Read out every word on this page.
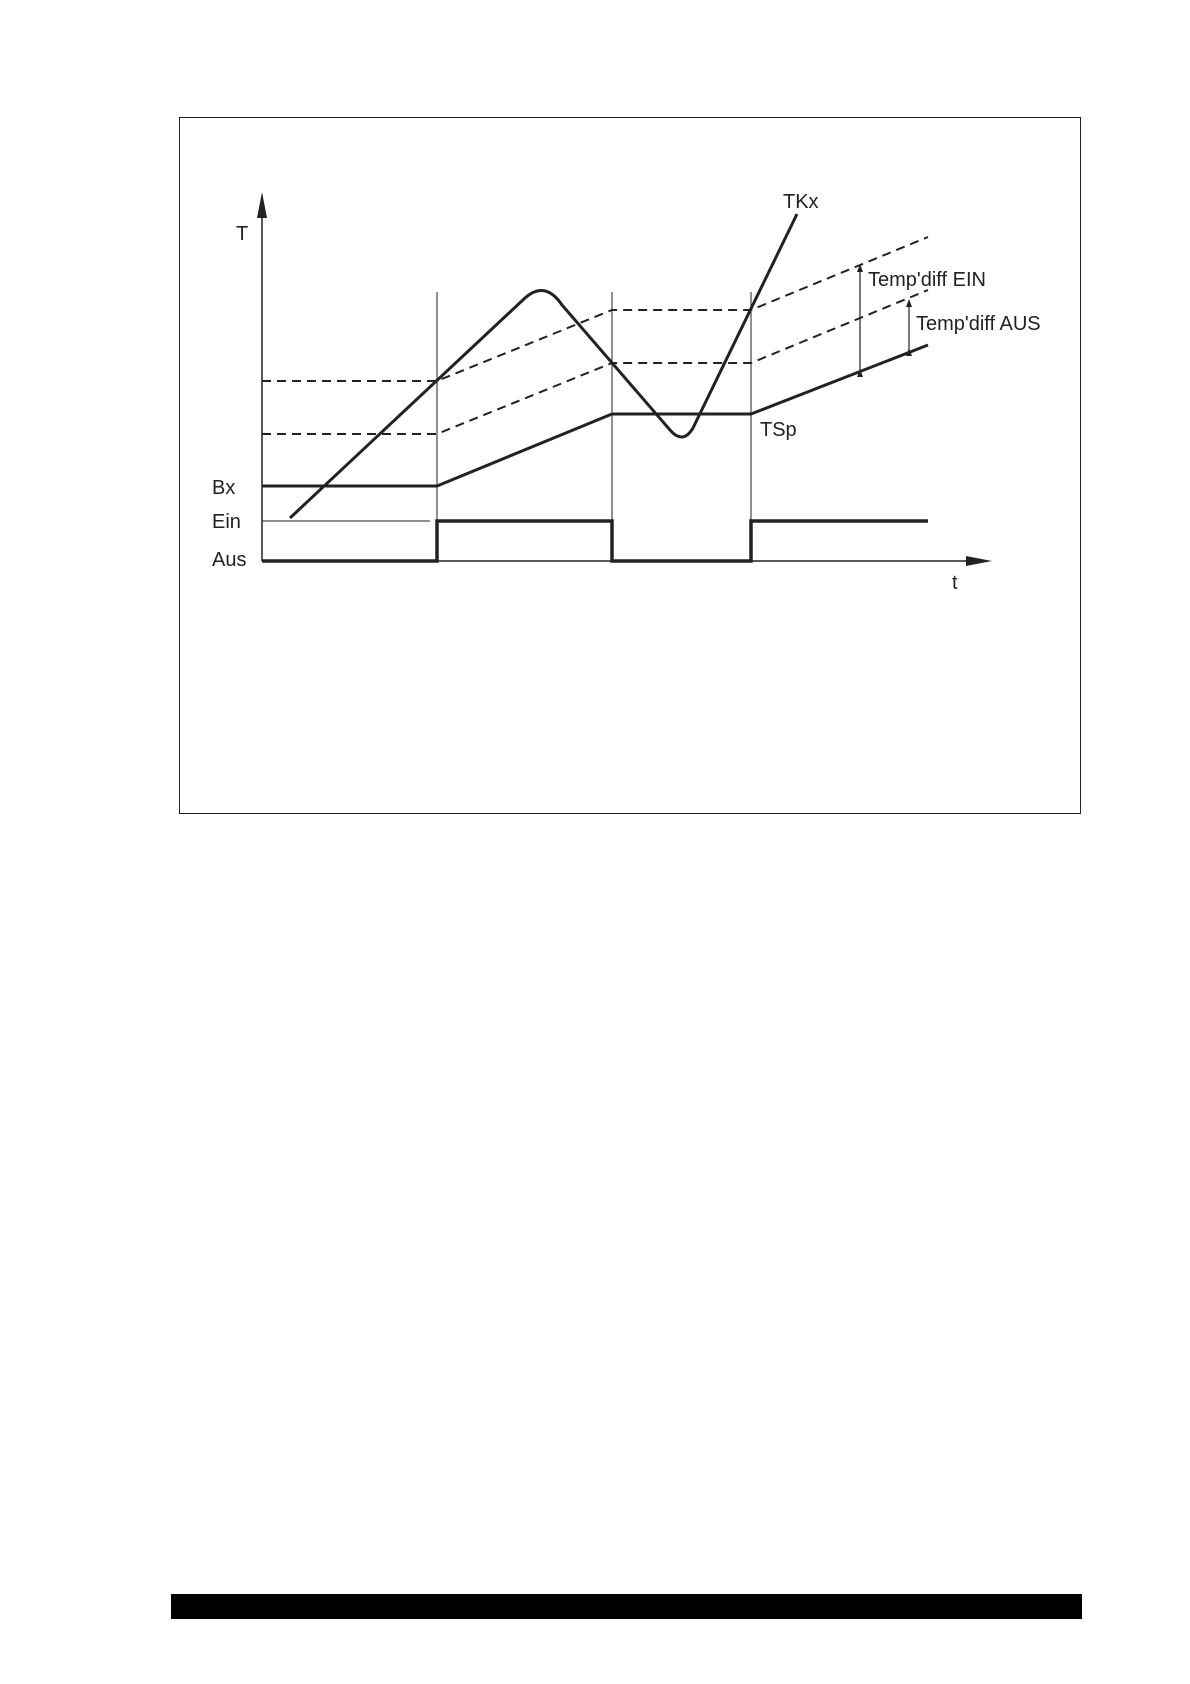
T
t
Bx
Ein
Aus
TKx
TSp
Temp'diff EIN
Temp'diff AUS
